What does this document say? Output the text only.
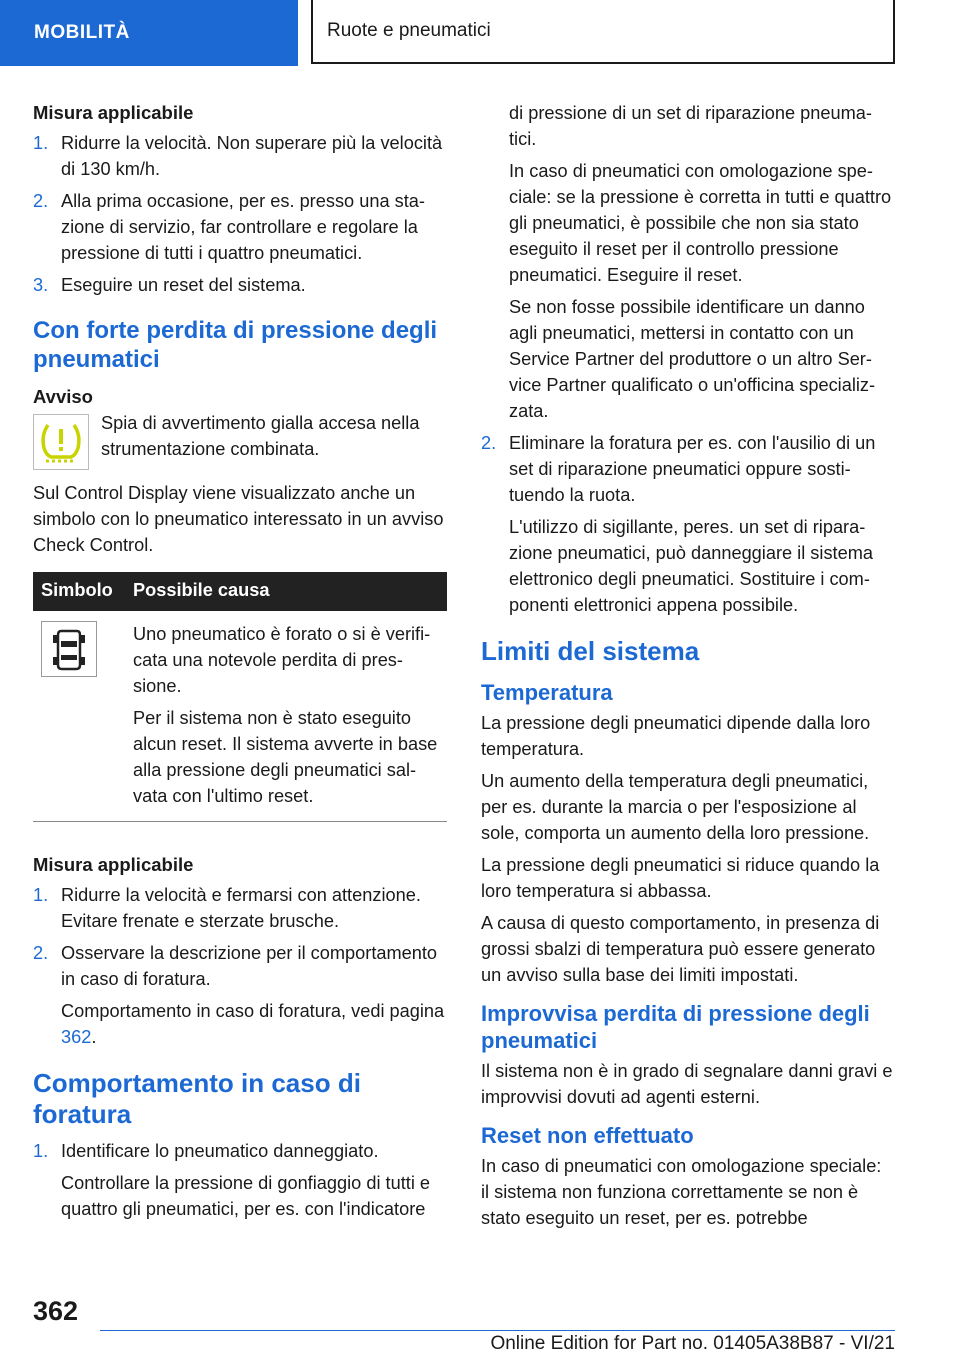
MOBILITÀ	Ruote e pneumatici
Misura applicabile
1. Ridurre la velocità. Non superare più la velocità di 130 km/h.
2. Alla prima occasione, per es. presso una stazione di servizio, far controllare e regolare la pressione di tutti i quattro pneumatici.
3. Eseguire un reset del sistema.
Con forte perdita di pressione degli pneumatici
Avviso
Spia di avvertimento gialla accesa nella strumentazione combinata.

Sul Control Display viene visualizzato anche un simbolo con lo pneumatico interessato in un avviso Check Control.

Simbolo	Possibile causa

Uno pneumatico è forato o si è verificata una notevole perdita di pressione.

Per il sistema non è stato eseguito alcun reset. Il sistema avverte in base alla pressione degli pneumatici salvata con l'ultimo reset.

Misura applicabile
1. Ridurre la velocità e fermarsi con attenzione. Evitare frenate e sterzate brusche.
2. Osservare la descrizione per il comportamento in caso di foratura.

Comportamento in caso di foratura, vedi pagina 362.

Comportamento in caso di foratura
1. Identificare lo pneumatico danneggiato.

Controllare la pressione di gonfiaggio di tutti e quattro gli pneumatici, per es. con l'indicatore

di pressione di un set di riparazione pneumatici.

In caso di pneumatici con omologazione speciale: se la pressione è corretta in tutti e quattro gli pneumatici, è possibile che non sia stato eseguito il reset per il controllo pressione pneumatici. Eseguire il reset.

Se non fosse possibile identificare un danno agli pneumatici, mettersi in contatto con un Service Partner del produttore o un altro Service Partner qualificato o un'officina specializzata.

2. Eliminare la foratura per es. con l'ausilio di un set di riparazione pneumatici oppure sostituendo la ruota.

L'utilizzo di sigillante, peres. un set di riparazione pneumatici, può danneggiare il sistema elettronico degli pneumatici. Sostituire i componenti elettronici appena possibile.

Limiti del sistema
Temperatura

La pressione degli pneumatici dipende dalla loro temperatura.

Un aumento della temperatura degli pneumatici, per es. durante la marcia o per l'esposizione al sole, comporta un aumento della loro pressione.

La pressione degli pneumatici si riduce quando la loro temperatura si abbassa.

A causa di questo comportamento, in presenza di grossi sbalzi di temperatura può essere generato un avviso sulla base dei limiti impostati.

Improvvisa perdita di pressione degli pneumatici

Il sistema non è in grado di segnalare danni gravi e improvvisi dovuti ad agenti esterni.

Reset non effettuato

In caso di pneumatici con omologazione speciale: il sistema non funziona correttamente se non è stato eseguito un reset, per es. potrebbe

362
Online Edition for Part no. 01405A38B87 - VI/21
